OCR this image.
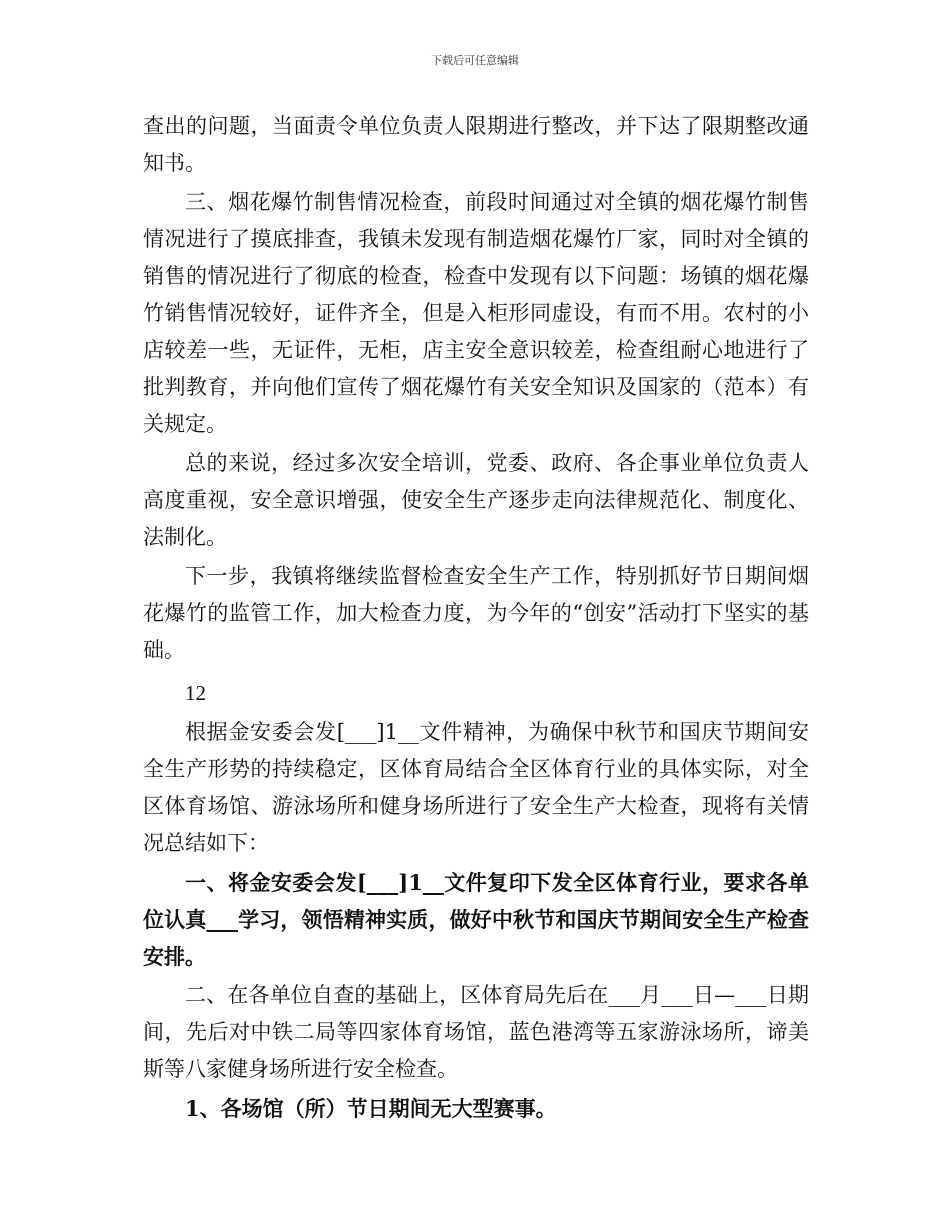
下载后可任意编辑

查出的问题，当面责令单位负责人限期进行整改，并下达了限期整改通知书。

三、烟花爆竹制售情况检查，前段时间通过对全镇的烟花爆竹制售情况进行了摸底排查，我镇未发现有制造烟花爆竹厂家，同时对全镇的销售的情况进行了彻底的检查，检查中发现有以下问题：场镇的烟花爆竹销售情况较好，证件齐全，但是入柜形同虚设，有而不用。农村的小店较差一些，无证件，无柜，店主安全意识较差，检查组耐心地进行了批判教育，并向他们宣传了烟花爆竹有关安全知识及国家的（范本）有关规定。

总的来说，经过多次安全培训，党委、政府、各企事业单位负责人高度重视，安全意识增强，使安全生产逐步走向法律规范化、制度化、法制化。

下一步，我镇将继续监督检查安全生产工作，特别抓好节日期间烟花爆竹的监管工作，加大检查力度，为今年的“创安”活动打下坚实的基础。

12

根据金安委会发[___]1__文件精神，为确保中秋节和国庆节期间安全生产形势的持续稳定，区体育局结合全区体育行业的具体实际，对全区体育场馆、游泳场所和健身场所进行了安全生产大检查，现将有关情况总结如下：

一、将金安委会发[___]1__文件复印下发全区体育行业，要求各单位认真___学习，领悟精神实质，做好中秋节和国庆节期间安全生产检查安排。

二、在各单位自查的基础上，区体育局先后在___月___日—___日期间，先后对中铁二局等四家体育场馆，蓝色港湾等五家游泳场所，谛美斯等八家健身场所进行安全检查。

1、各场馆（所）节日期间无大型赛事。
